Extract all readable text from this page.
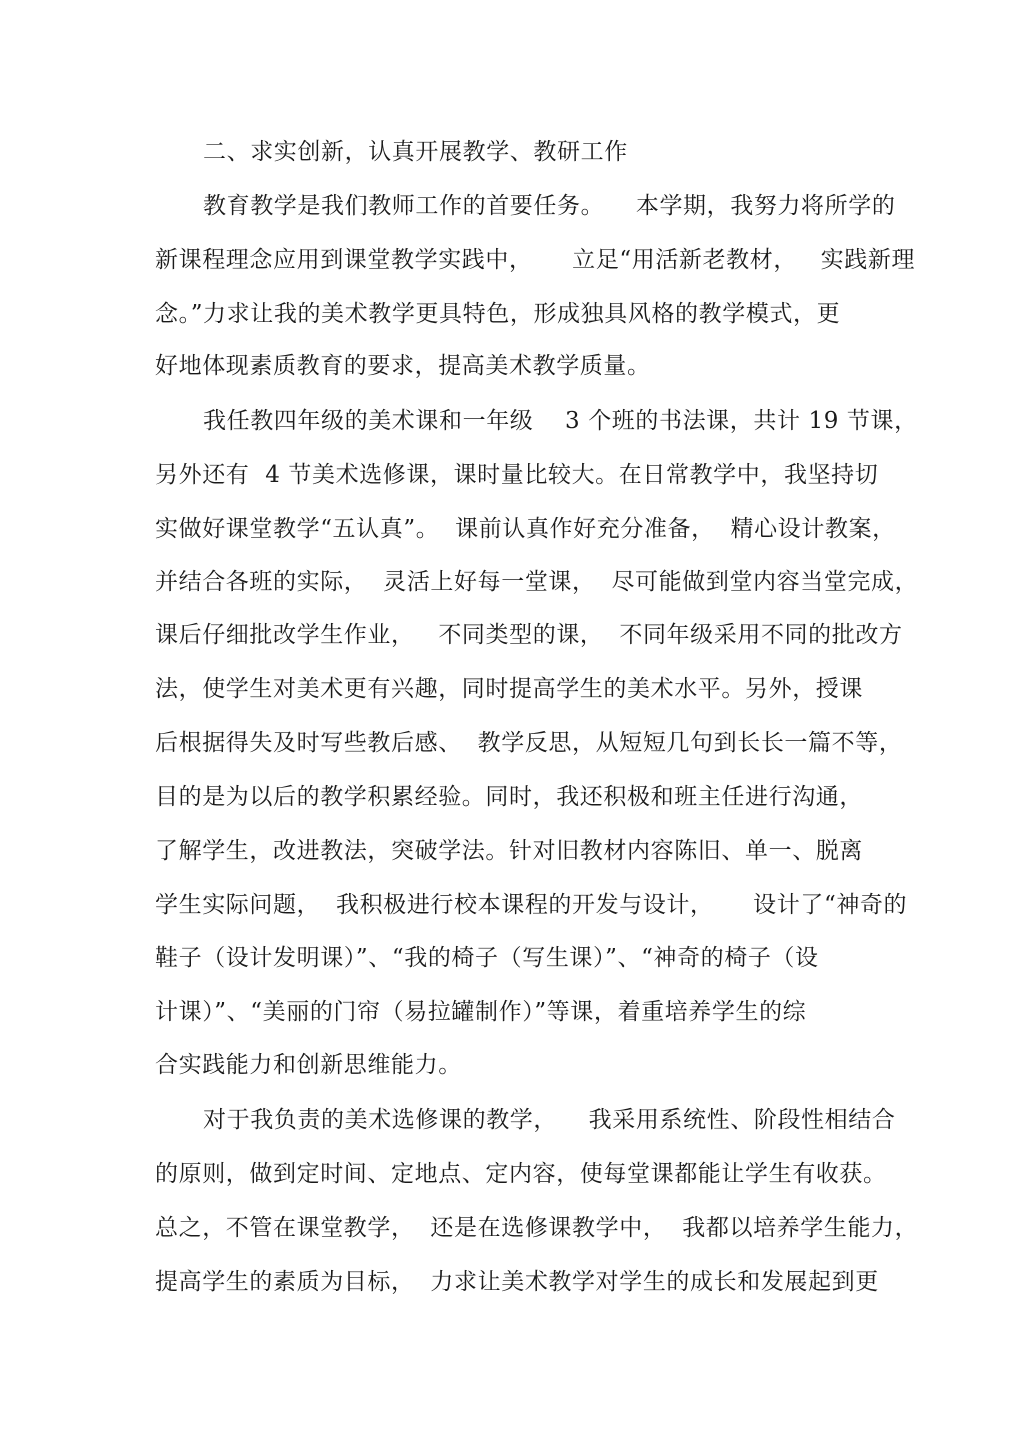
二、求实创新，认真开展教学、教研工作
教育教学是我们教师工作的首要任务。    本学期，我努力将所学的
新课程理念应用到课堂教学实践中，     立足“用活新老教材，   实践新理
念。”力求让我的美术教学更具特色，形成独具风格的教学模式，更
好地体现素质教育的要求，提高美术教学质量。
我任教四年级的美术课和一年级    3 个班的书法课，共计 19 节课，
另外还有  4 节美术选修课，课时量比较大。在日常教学中，我坚持切
实做好课堂教学“五认真”。  课前认真作好充分准备，  精心设计教案，
并结合各班的实际，  灵活上好每一堂课，  尽可能做到堂内容当堂完成，
课后仔细批改学生作业，   不同类型的课，  不同年级采用不同的批改方
法，使学生对美术更有兴趣，同时提高学生的美术水平。另外，授课
后根据得失及时写些教后感、  教学反思，从短短几句到长长一篇不等，
目的是为以后的教学积累经验。同时，我还积极和班主任进行沟通，
了解学生，改进教法，突破学法。针对旧教材内容陈旧、单一、脱离
学生实际问题，  我积极进行校本课程的开发与设计，     设计了“神奇的
鞋子（设计发明课）”、“我的椅子（写生课）”、“神奇的椅子（设
计课）”、“美丽的门帘（易拉罐制作）”等课，着重培养学生的综
合实践能力和创新思维能力。
对于我负责的美术选修课的教学，    我采用系统性、阶段性相结合
的原则，做到定时间、定地点、定内容，使每堂课都能让学生有收获。
总之，不管在课堂教学，  还是在选修课教学中，  我都以培养学生能力，
提高学生的素质为目标，  力求让美术教学对学生的成长和发展起到更
